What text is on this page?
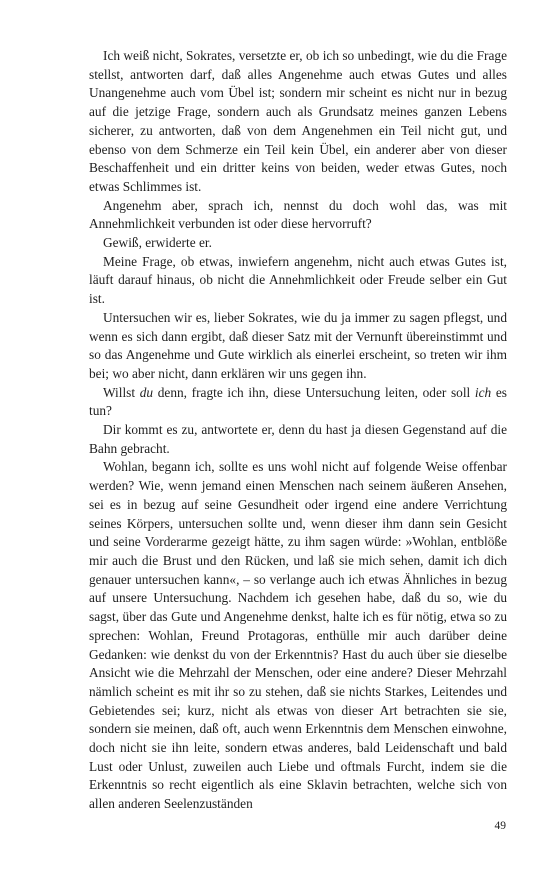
Ich weiß nicht, Sokrates, versetzte er, ob ich so unbedingt, wie du die Frage stellst, antworten darf, daß alles Angenehme auch etwas Gutes und alles Unangenehme auch vom Übel ist; sondern mir scheint es nicht nur in bezug auf die jetzige Frage, sondern auch als Grundsatz meines ganzen Lebens sicherer, zu antworten, daß von dem Angenehmen ein Teil nicht gut, und ebenso von dem Schmerze ein Teil kein Übel, ein anderer aber von dieser Beschaffenheit und ein dritter keins von beiden, weder etwas Gutes, noch etwas Schlimmes ist.

Angenehm aber, sprach ich, nennst du doch wohl das, was mit Annehmlichkeit verbunden ist oder diese hervorruft?

Gewiß, erwiderte er.

Meine Frage, ob etwas, inwiefern angenehm, nicht auch etwas Gutes ist, läuft darauf hinaus, ob nicht die Annehmlichkeit oder Freude selber ein Gut ist.

Untersuchen wir es, lieber Sokrates, wie du ja immer zu sagen pflegst, und wenn es sich dann ergibt, daß dieser Satz mit der Vernunft übereinstimmt und so das Angenehme und Gute wirklich als einerlei erscheint, so treten wir ihm bei; wo aber nicht, dann erklären wir uns gegen ihn.

Willst du denn, fragte ich ihn, diese Untersuchung leiten, oder soll ich es tun?

Dir kommt es zu, antwortete er, denn du hast ja diesen Gegenstand auf die Bahn gebracht.

Wohlan, begann ich, sollte es uns wohl nicht auf folgende Weise offenbar werden? Wie, wenn jemand einen Menschen nach seinem äußeren Ansehen, sei es in bezug auf seine Gesundheit oder irgend eine andere Verrichtung seines Körpers, untersuchen sollte und, wenn dieser ihm dann sein Gesicht und seine Vorderarme gezeigt hätte, zu ihm sagen würde: »Wohlan, entblöße mir auch die Brust und den Rücken, und laß sie mich sehen, damit ich dich genauer untersuchen kann«, – so verlange auch ich etwas Ähnliches in bezug auf unsere Untersuchung. Nachdem ich gesehen habe, daß du so, wie du sagst, über das Gute und Angenehme denkst, halte ich es für nötig, etwa so zu sprechen: Wohlan, Freund Protagoras, enthülle mir auch darüber deine Gedanken: wie denkst du von der Erkenntnis? Hast du auch über sie dieselbe Ansicht wie die Mehrzahl der Menschen, oder eine andere? Dieser Mehrzahl nämlich scheint es mit ihr so zu stehen, daß sie nichts Starkes, Leitendes und Gebietendes sei; kurz, nicht als etwas von dieser Art betrachten sie sie, sondern sie meinen, daß oft, auch wenn Erkenntnis dem Menschen einwohne, doch nicht sie ihn leite, sondern etwas anderes, bald Leidenschaft und bald Lust oder Unlust, zuweilen auch Liebe und oftmals Furcht, indem sie die Erkenntnis so recht eigentlich als eine Sklavin betrachten, welche sich von allen anderen Seelenzuständen

49
